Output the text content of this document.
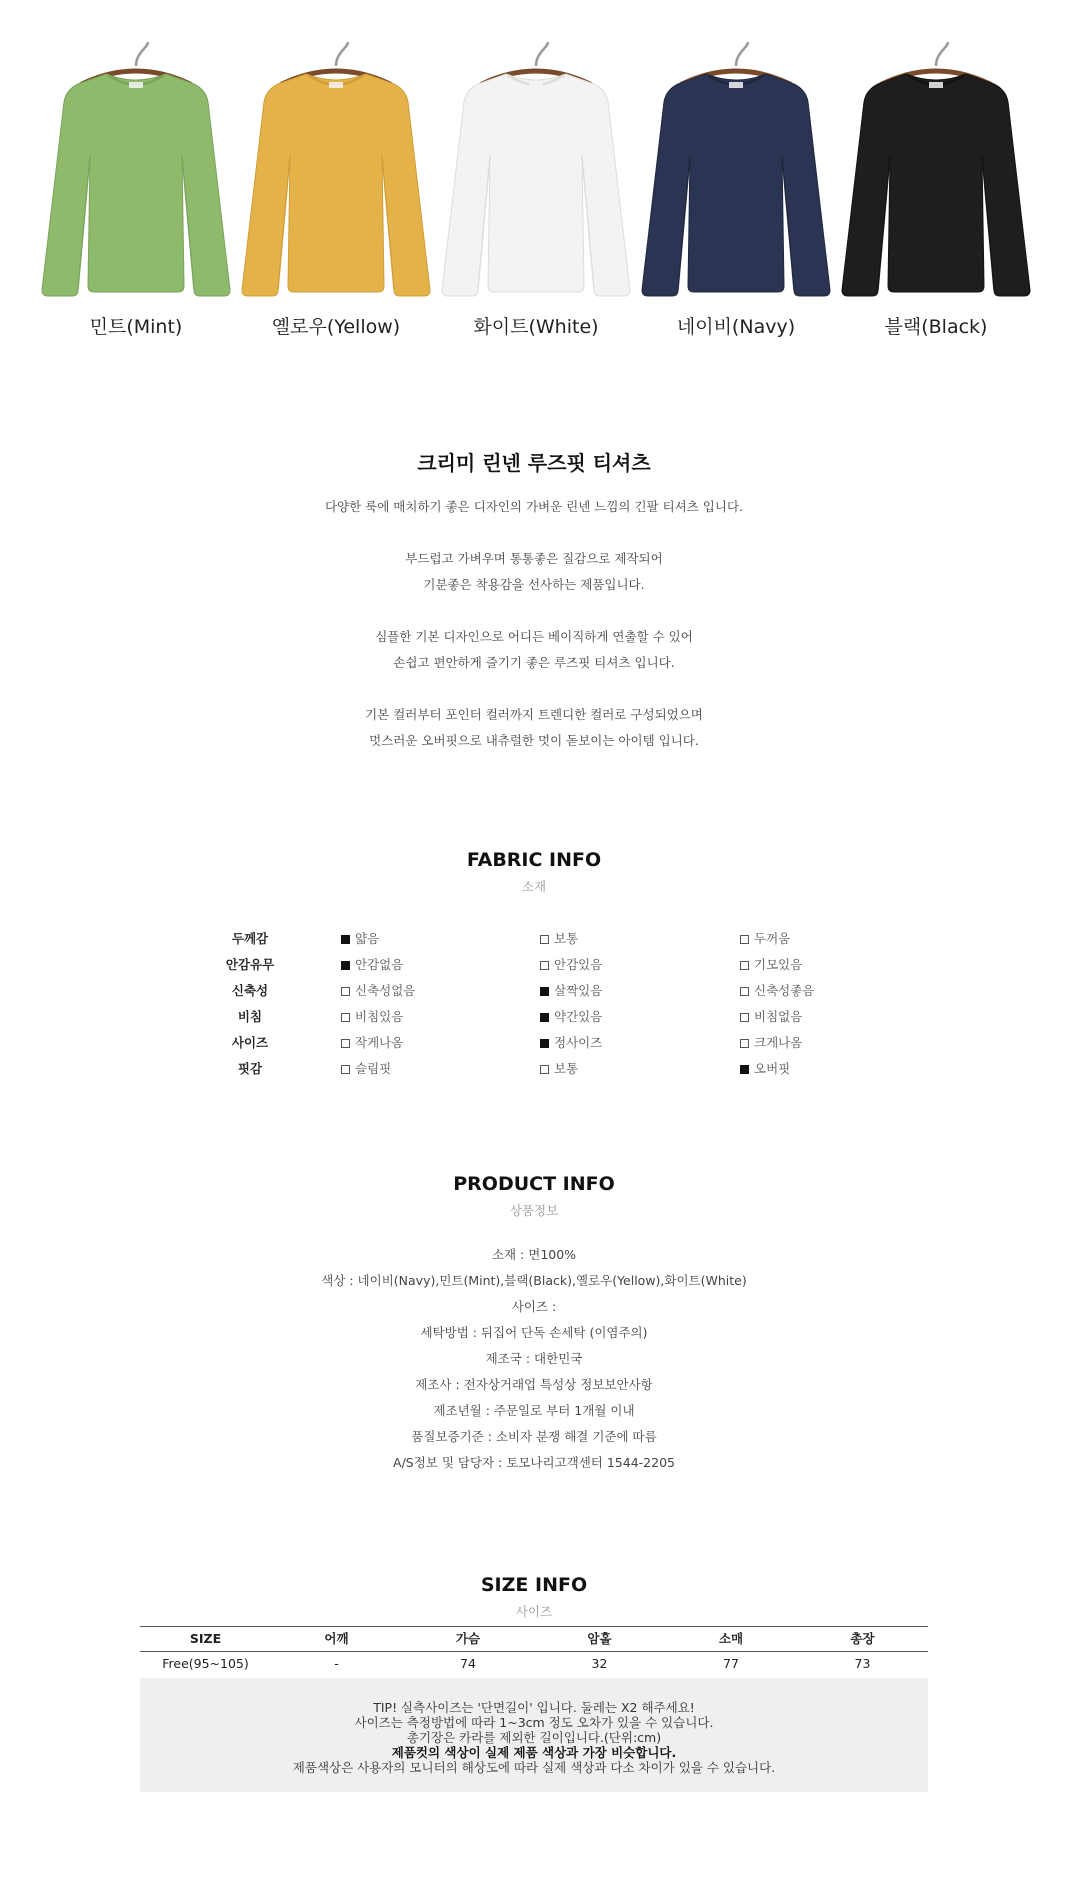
민트(Mint)	옐로우(Yellow)	화이트(White)	네이비(Navy)	블랙(Black)
크리미 린넨 루즈핏 티셔츠
다양한 룩에 매치하기 좋은 디자인의 가벼운 린넨 느낌의 긴팔 티셔츠 입니다.
부드럽고 가벼우며 통통좋은 질감으로 제작되어
기분좋은 착용감을 선사하는 제품입니다.
심플한 기본 디자인으로 어디든 베이직하게 연출할 수 있어
손쉽고 편안하게 즐기기 좋은 루즈핏 티셔츠 입니다.
기본 컬러부터 포인터 컬러까지 트렌디한 컬러로 구성되었으며
멋스러운 오버핏으로 내츄럴한 멋이 돋보이는 아이템 입니다.
FABRIC INFO
소재
두께감	얇음	보통	두꺼움
안감유무	안감없음	안감있음	기모있음
신축성	신축성없음	살짝있음	신축성좋음
비침	비침있음	약간있음	비침없음
사이즈	작게나옴	정사이즈	크게나옴
핏감	슬림핏	보통	오버핏
PRODUCT INFO
상품정보
소재 : 면100%
색상 : 네이비(Navy),민트(Mint),블랙(Black),옐로우(Yellow),화이트(White)
사이즈 :
세탁방법 : 뒤집어 단독 손세탁 (이염주의)
제조국 : 대한민국
제조사 : 전자상거래업 특성상 정보보안사항
제조년월 : 주문일로 부터 1개월 이내
품질보증기준 : 소비자 분쟁 해결 기준에 따름
A/S정보 및 담당자 : 토모나리고객센터 1544-2205
SIZE INFO
사이즈
SIZE	어깨	가슴	암홀	소매	총장
Free(95~105)	-	74	32	77	73
TIP! 실측사이즈는 '단면길이' 입니다. 둘레는 X2 해주세요!
사이즈는 측정방법에 따라 1~3cm 정도 오차가 있을 수 있습니다.
총기장은 카라를 제외한 길이입니다.(단위:cm)
제품컷의 색상이 실제 제품 색상과 가장 비슷합니다.
제품색상은 사용자의 모니터의 해상도에 따라 실제 색상과 다소 차이가 있을 수 있습니다.
